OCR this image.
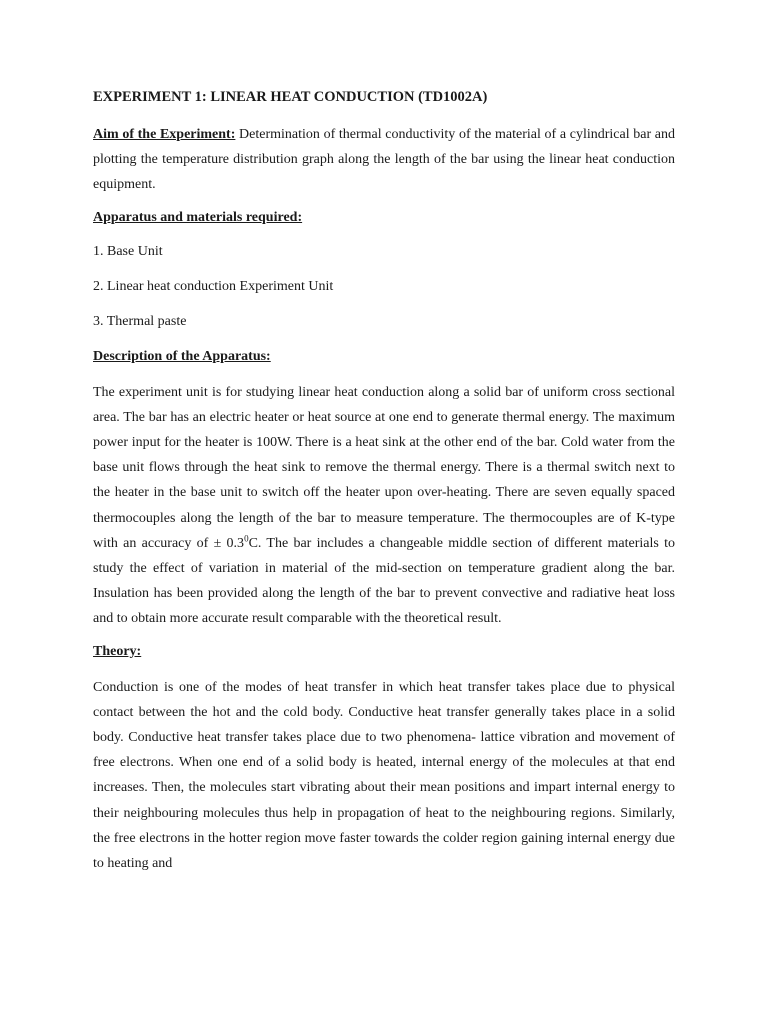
EXPERIMENT 1: LINEAR HEAT CONDUCTION (TD1002A)

Aim of the Experiment: Determination of thermal conductivity of the material of a cylindrical bar and plotting the temperature distribution graph along the length of the bar using the linear heat conduction equipment.

Apparatus and materials required:
1. Base Unit
2. Linear heat conduction Experiment Unit
3. Thermal paste
Description of the Apparatus:

The experiment unit is for studying linear heat conduction along a solid bar of uniform cross sectional area. The bar has an electric heater or heat source at one end to generate thermal energy. The maximum power input for the heater is 100W. There is a heat sink at the other end of the bar. Cold water from the base unit flows through the heat sink to remove the thermal energy. There is a thermal switch next to the heater in the base unit to switch off the heater upon over-heating. There are seven equally spaced thermocouples along the length of the bar to measure temperature. The thermocouples are of K-type with an accuracy of ± $0.3^0C$. The bar includes a changeable middle section of different materials to study the effect of variation in material of the mid-section on temperature gradient along the bar. Insulation has been provided along the length of the bar to prevent convective and radiative heat loss and to obtain more accurate result comparable with the theoretical result.

Theory:

Conduction is one of the modes of heat transfer in which heat transfer takes place due to physical contact between the hot and the cold body. Conductive heat transfer generally takes place in a solid body. Conductive heat transfer takes place due to two phenomena- lattice vibration and movement of free electrons. When one end of a solid body is heated, internal energy of the molecules at that end increases. Then, the molecules start vibrating about their mean positions and impart internal energy to their neighbouring molecules thus help in propagation of heat to the neighbouring regions. Similarly, the free electrons in the hotter region move faster towards the colder region gaining internal energy due to heating and
